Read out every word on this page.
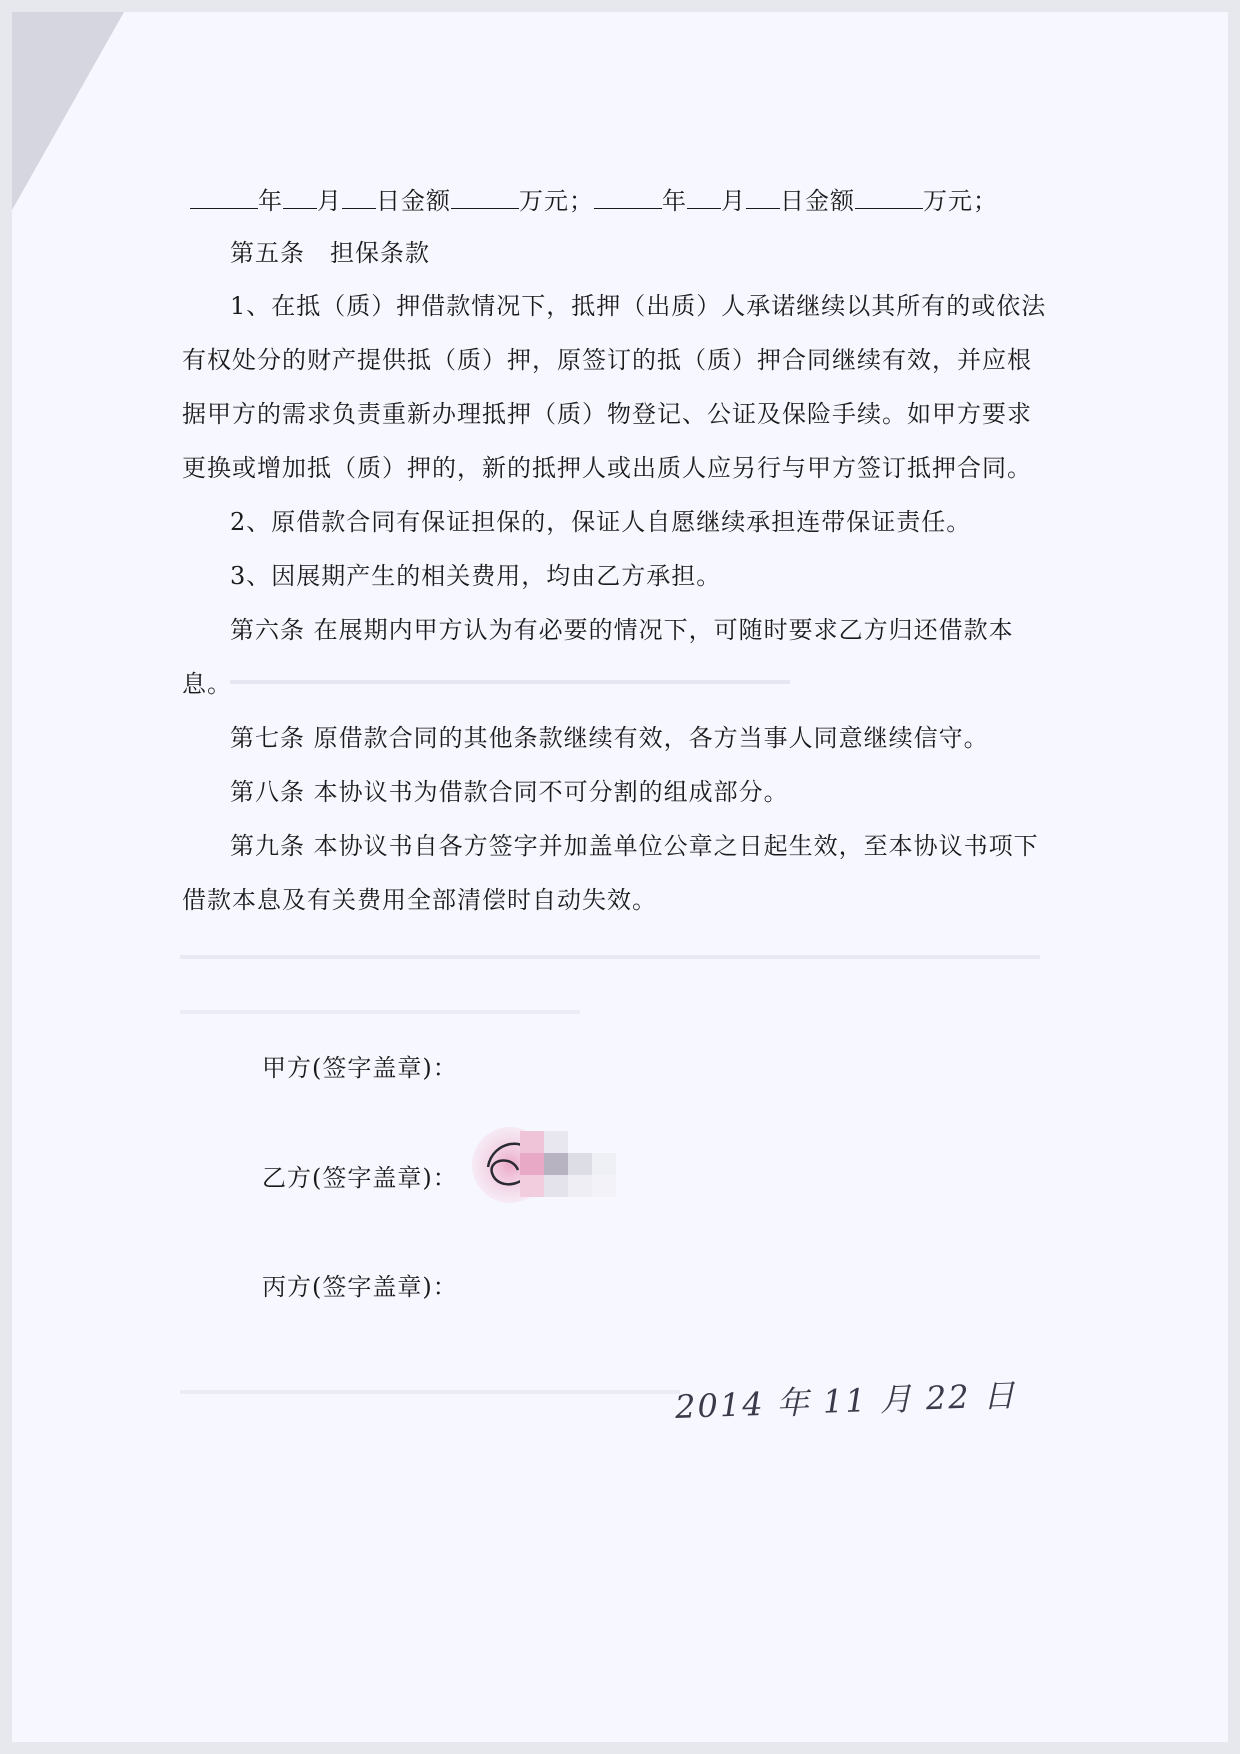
年 月 日金额	万元；	年 月 日金额	万元；
第五条　担保条款
1、在抵（质）押借款情况下，抵押（出质）人承诺继续以其所有的或依法
有权处分的财产提供抵（质）押，原签订的抵（质）押合同继续有效，并应根
据甲方的需求负责重新办理抵押（质）物登记、公证及保险手续。如甲方要求
更换或增加抵（质）押的，新的抵押人或出质人应另行与甲方签订抵押合同。
2、原借款合同有保证担保的，保证人自愿继续承担连带保证责任。
3、因展期产生的相关费用，均由乙方承担。
第六条 在展期内甲方认为有必要的情况下，可随时要求乙方归还借款本
息。
第七条 原借款合同的其他条款继续有效，各方当事人同意继续信守。
第八条 本协议书为借款合同不可分割的组成部分。
第九条 本协议书自各方签字并加盖单位公章之日起生效，至本协议书项下
借款本息及有关费用全部清偿时自动失效。
甲方(签字盖章)：
乙方(签字盖章)：
丙方(签字盖章)：
2014 年 11 月 22 日
